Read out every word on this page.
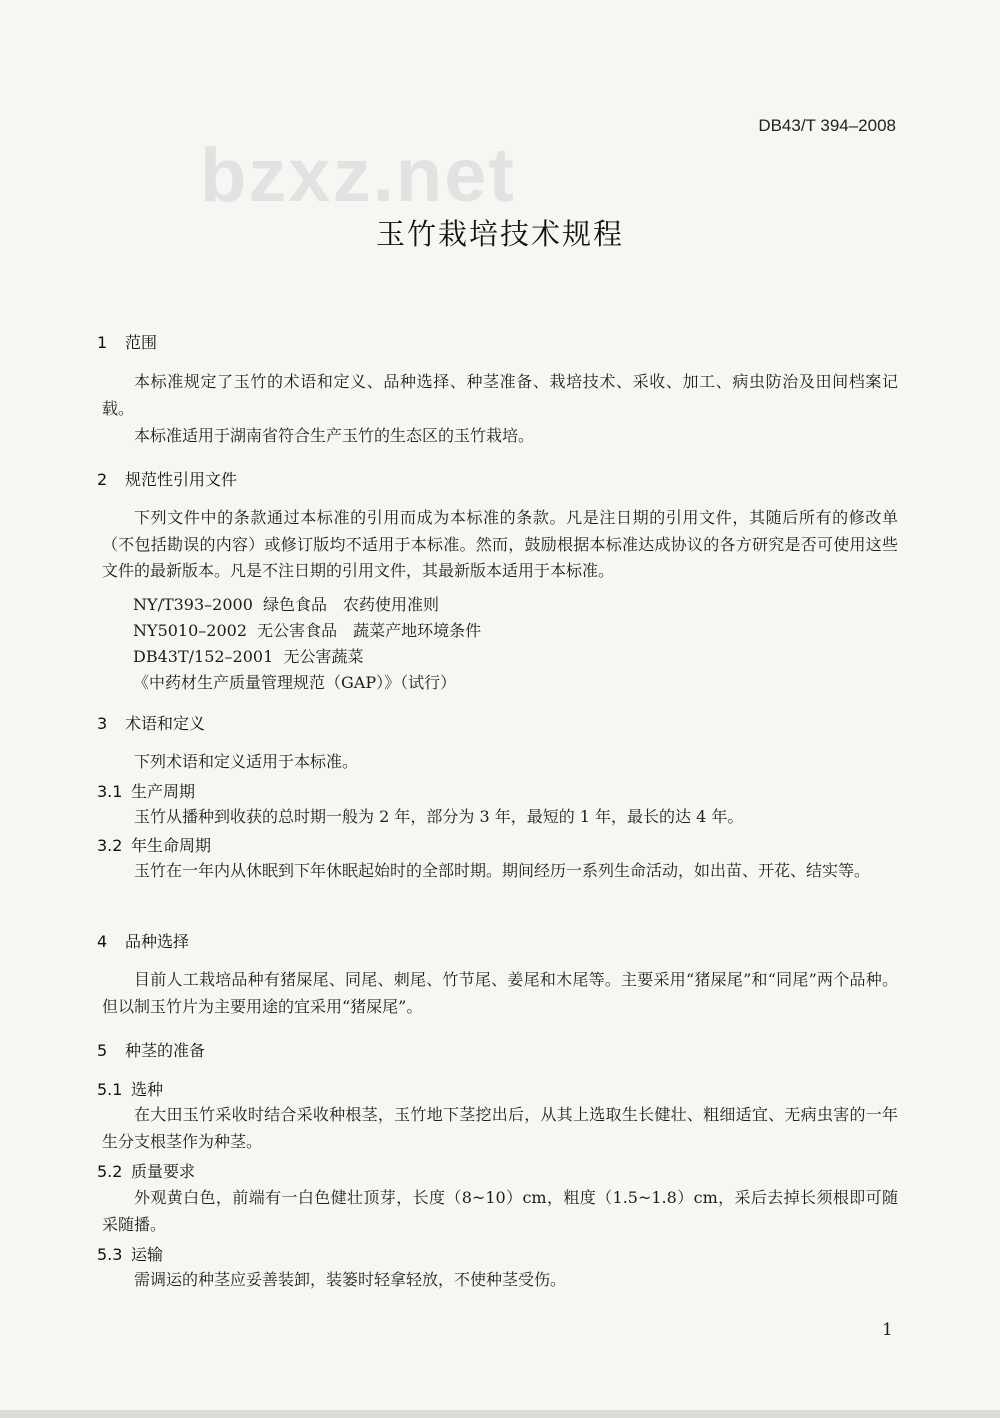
bzxz.net
DB43/T 394–2008
玉竹栽培技术规程
1 范围
本标准规定了玉竹的术语和定义、品种选择、种茎准备、栽培技术、采收、加工、病虫防治及田间档案记载。
本标准适用于湖南省符合生产玉竹的生态区的玉竹栽培。
2 规范性引用文件
下列文件中的条款通过本标准的引用而成为本标准的条款。凡是注日期的引用文件，其随后所有的修改单（不包括勘误的内容）或修订版均不适用于本标准。然而，鼓励根据本标准达成协议的各方研究是否可使用这些文件的最新版本。凡是不注日期的引用文件，其最新版本适用于本标准。
NY/T393–2000  绿色食品　农药使用准则
NY5010–2002  无公害食品　蔬菜产地环境条件
DB43T/152–2001  无公害蔬菜
《中药材生产质量管理规范（GAP）》（试行）
3 术语和定义
下列术语和定义适用于本标准。
3.1 生产周期
玉竹从播种到收获的总时期一般为 2 年，部分为 3 年，最短的 1 年，最长的达 4 年。
3.2 年生命周期
玉竹在一年内从休眠到下年休眠起始时的全部时期。期间经历一系列生命活动，如出苗、开花、结实等。
4 品种选择
目前人工栽培品种有猪屎尾、同尾、刺尾、竹节尾、姜尾和木尾等。主要采用“猪屎尾”和“同尾”两个品种。但以制玉竹片为主要用途的宜采用“猪屎尾”。
5 种茎的准备
5.1 选种
在大田玉竹采收时结合采收种根茎，玉竹地下茎挖出后，从其上选取生长健壮、粗细适宜、无病虫害的一年生分支根茎作为种茎。
5.2 质量要求
外观黄白色，前端有一白色健壮顶芽，长度（8~10）cm，粗度（1.5~1.8）cm，采后去掉长须根即可随采随播。
5.3 运输
需调运的种茎应妥善装卸，装篓时轻拿轻放，不使种茎受伤。
1
